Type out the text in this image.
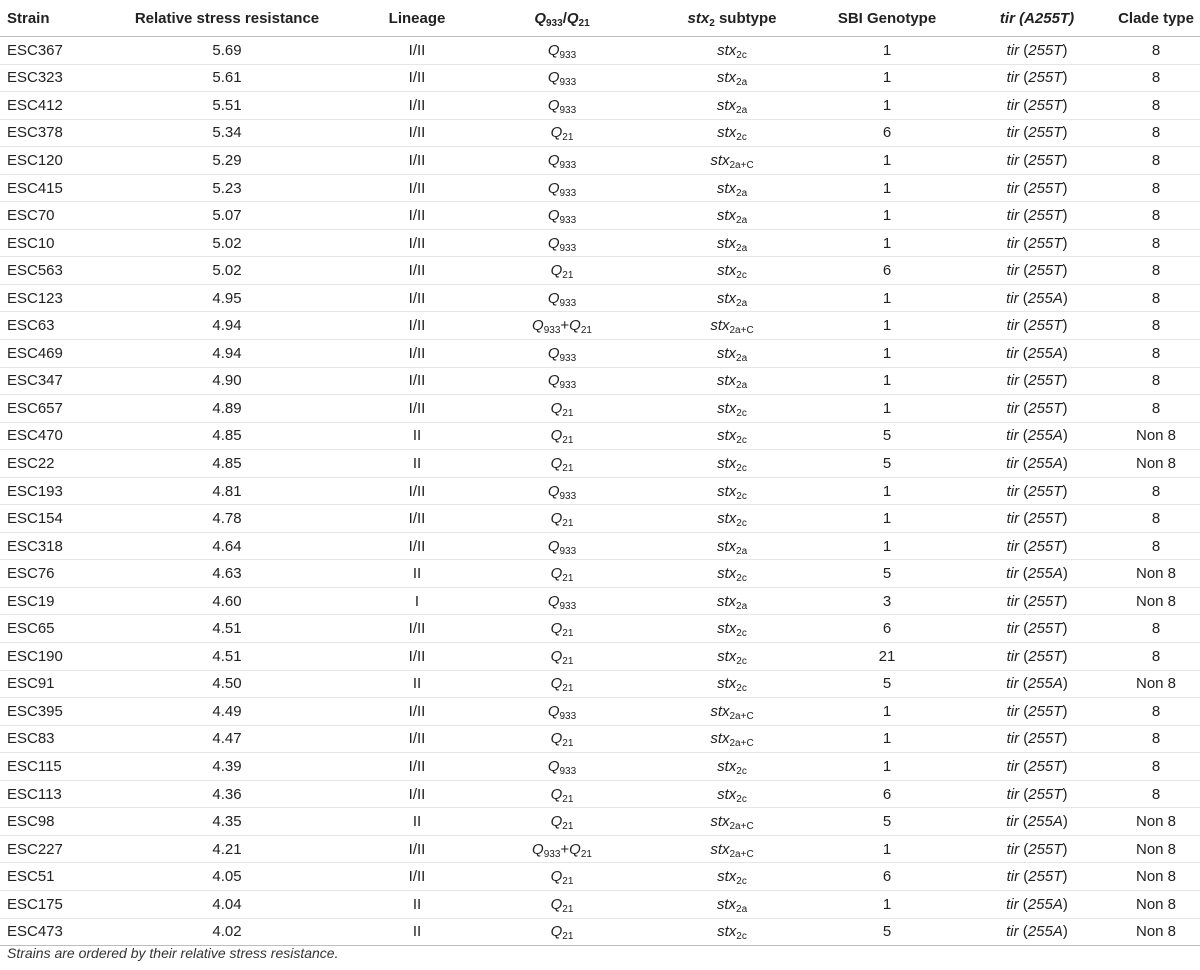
Strain	Relative stress resistance	Lineage	$Q_{933}/Q_{21}$	stx$_2$ subtype	SBI Genotype	tir (A255T)	Clade type
ESC367	5.69	I/II	$Q_{933}$	stx$_{2c}$	1	tir (255T)	8
ESC323	5.61	I/II	$Q_{933}$	stx$_{2a}$	1	tir (255T)	8
ESC412	5.51	I/II	$Q_{933}$	stx$_{2a}$	1	tir (255T)	8
ESC378	5.34	I/II	$Q_{21}$	stx$_{2c}$	6	tir (255T)	8
ESC120	5.29	I/II	$Q_{933}$	stx$_{2a+C}$	1	tir (255T)	8
ESC415	5.23	I/II	$Q_{933}$	stx$_{2a}$	1	tir (255T)	8
ESC70	5.07	I/II	$Q_{933}$	stx$_{2a}$	1	tir (255T)	8
ESC10	5.02	I/II	$Q_{933}$	stx$_{2a}$	1	tir (255T)	8
ESC563	5.02	I/II	$Q_{21}$	stx$_{2c}$	6	tir (255T)	8
ESC123	4.95	I/II	$Q_{933}$	stx$_{2a}$	1	tir (255A)	8
ESC63	4.94	I/II	$Q_{933}+Q_{21}$	stx$_{2a+C}$	1	tir (255T)	8
ESC469	4.94	I/II	$Q_{933}$	stx$_{2a}$	1	tir (255A)	8
ESC347	4.90	I/II	$Q_{933}$	stx$_{2a}$	1	tir (255T)	8
ESC657	4.89	I/II	$Q_{21}$	stx$_{2c}$	1	tir (255T)	8
ESC470	4.85	II	$Q_{21}$	stx$_{2c}$	5	tir (255A)	Non 8
ESC22	4.85	II	$Q_{21}$	stx$_{2c}$	5	tir (255A)	Non 8
ESC193	4.81	I/II	$Q_{933}$	stx$_{2c}$	1	tir (255T)	8
ESC154	4.78	I/II	$Q_{21}$	stx$_{2c}$	1	tir (255T)	8
ESC318	4.64	I/II	$Q_{933}$	stx$_{2a}$	1	tir (255T)	8
ESC76	4.63	II	$Q_{21}$	stx$_{2c}$	5	tir (255A)	Non 8
ESC19	4.60	I	$Q_{933}$	stx$_{2a}$	3	tir (255T)	Non 8
ESC65	4.51	I/II	$Q_{21}$	stx$_{2c}$	6	tir (255T)	8
ESC190	4.51	I/II	$Q_{21}$	stx$_{2c}$	21	tir (255T)	8
ESC91	4.50	II	$Q_{21}$	stx$_{2c}$	5	tir (255A)	Non 8
ESC395	4.49	I/II	$Q_{933}$	stx$_{2a+C}$	1	tir (255T)	8
ESC83	4.47	I/II	$Q_{21}$	stx$_{2a+C}$	1	tir (255T)	8
ESC115	4.39	I/II	$Q_{933}$	stx$_{2c}$	1	tir (255T)	8
ESC113	4.36	I/II	$Q_{21}$	stx$_{2c}$	6	tir (255T)	8
ESC98	4.35	II	$Q_{21}$	stx$_{2a+C}$	5	tir (255A)	Non 8
ESC227	4.21	I/II	$Q_{933}+Q_{21}$	stx$_{2a+C}$	1	tir (255T)	Non 8
ESC51	4.05	I/II	$Q_{21}$	stx$_{2c}$	6	tir (255T)	Non 8
ESC175	4.04	II	$Q_{21}$	stx$_{2a}$	1	tir (255A)	Non 8
ESC473	4.02	II	$Q_{21}$	stx$_{2c}$	5	tir (255A)	Non 8
Strains are ordered by their relative stress resistance.
